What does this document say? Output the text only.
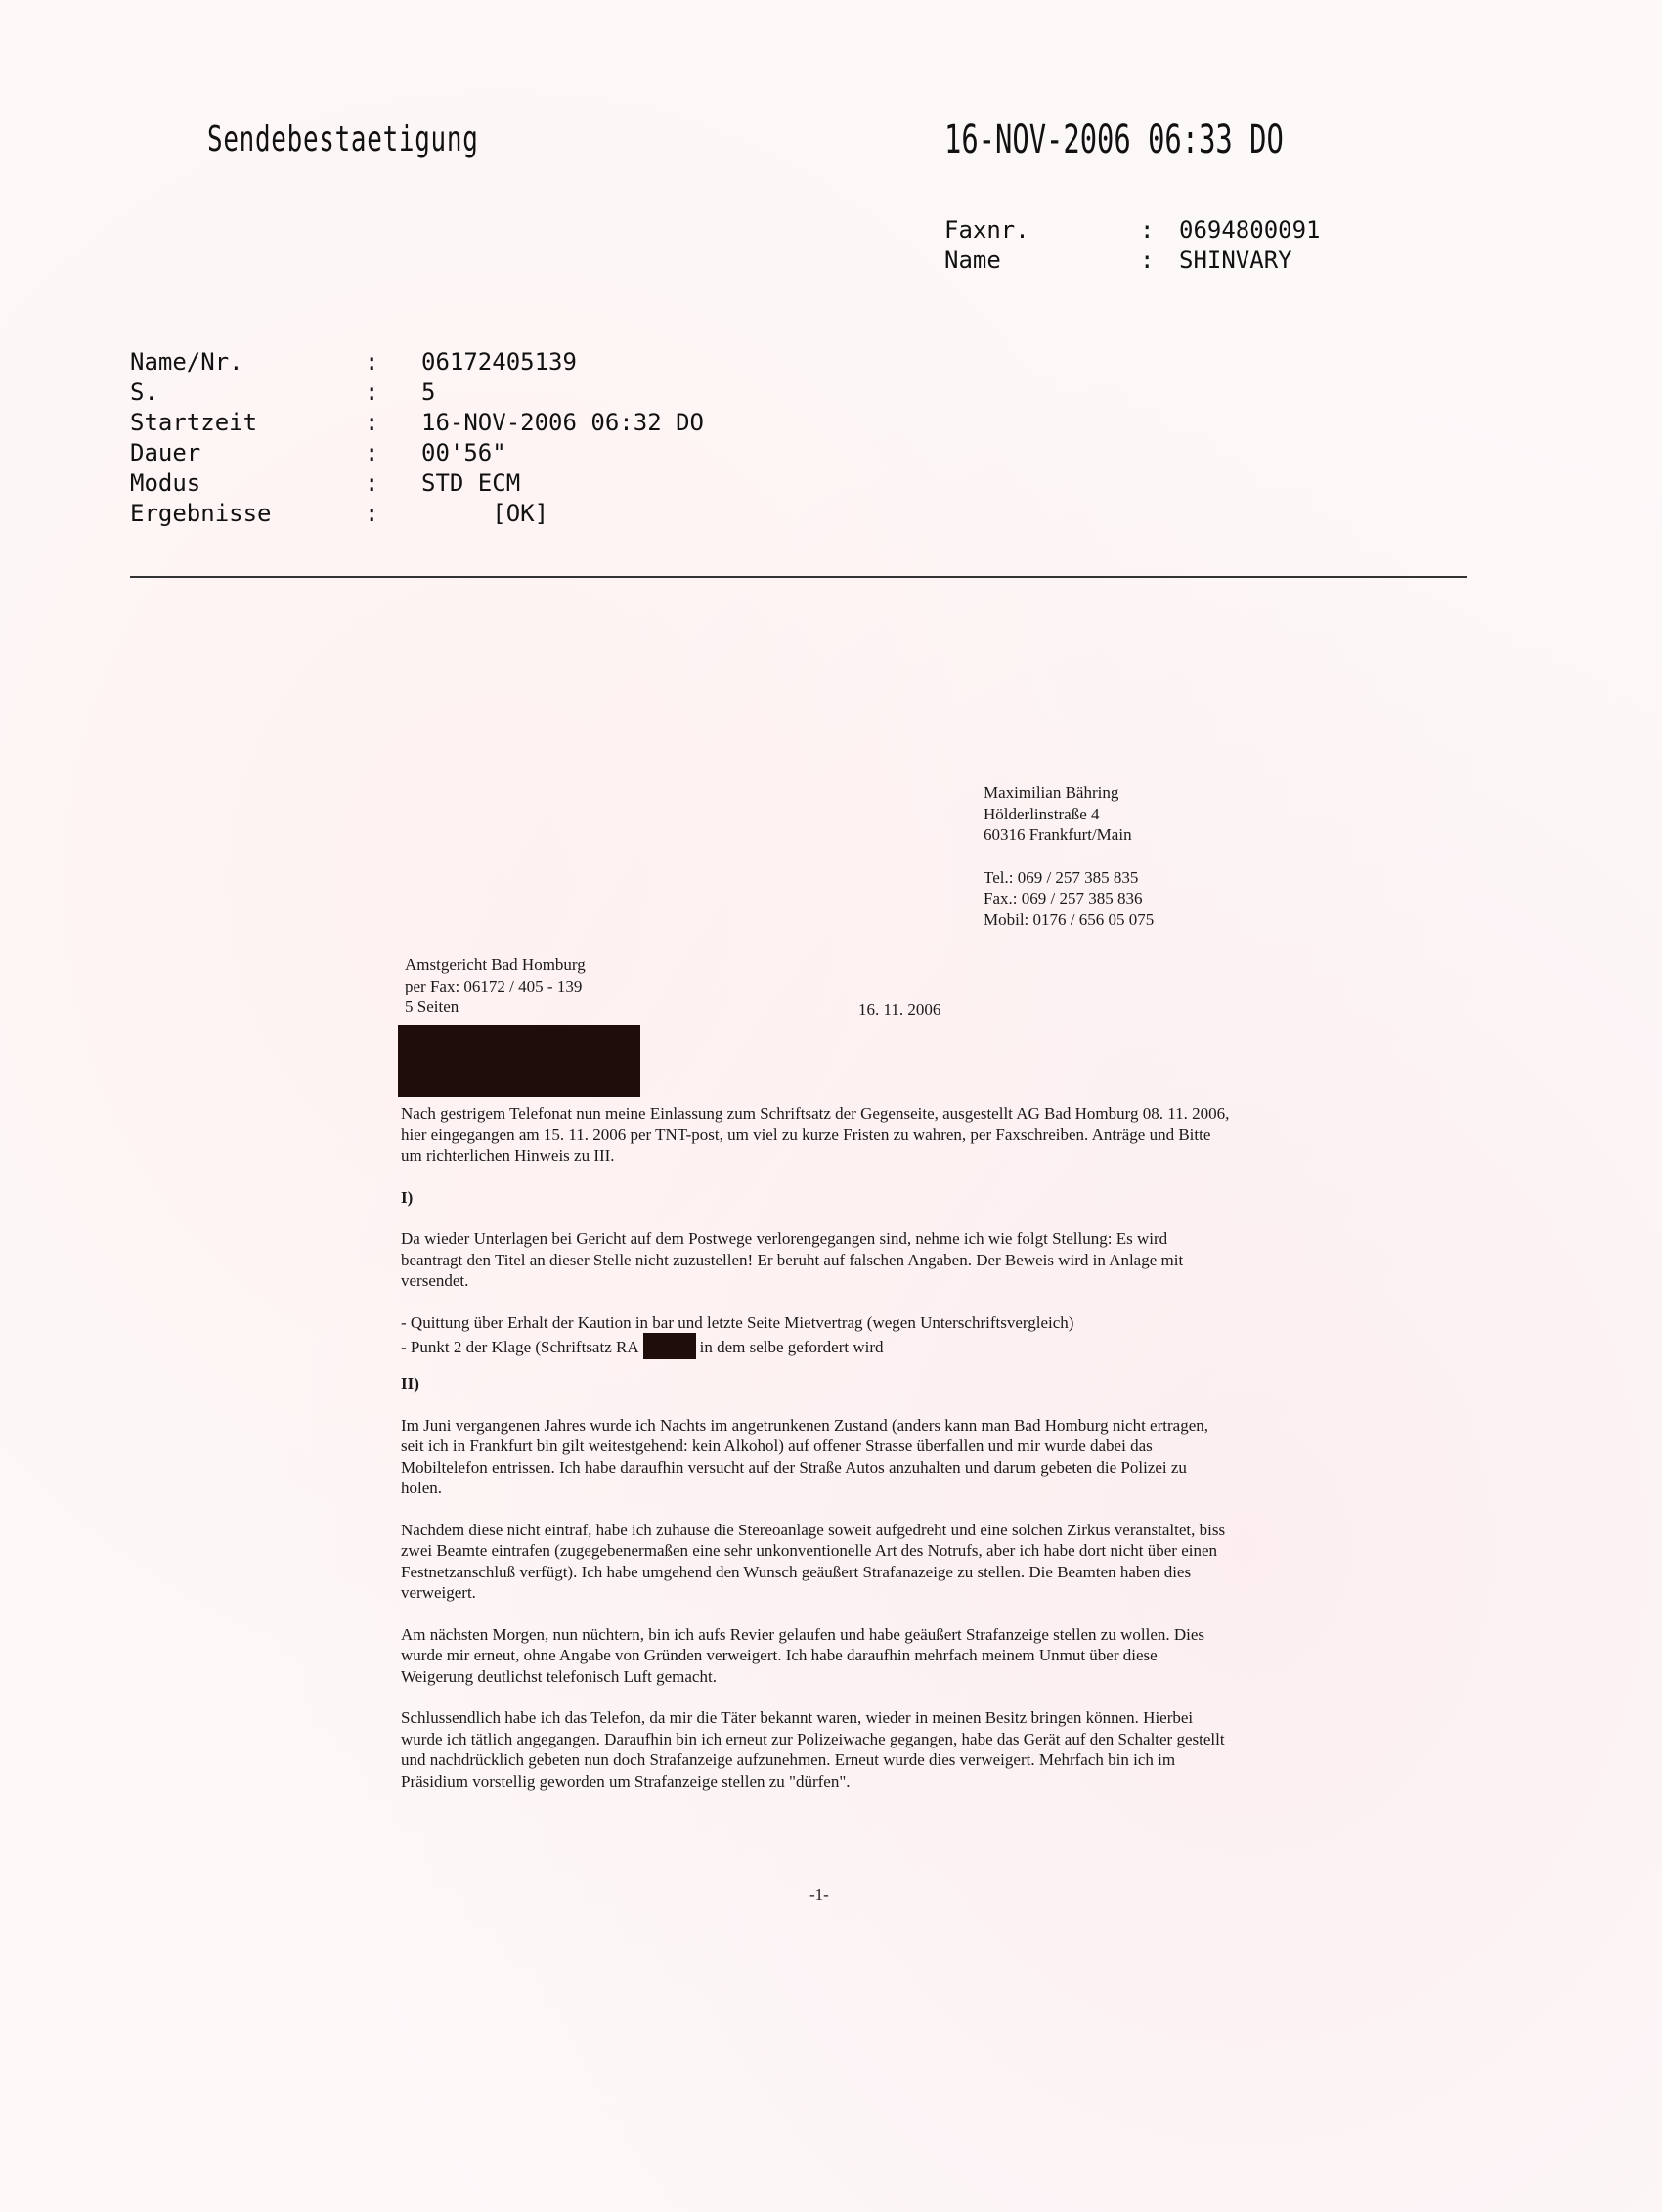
Sendebestaetigung	16-NOV-2006 06:33 DO
Faxnr.	: 0694800091
Name	: SHINVARY
Name/Nr.	: 06172405139
S.	: 5
Startzeit	: 16-NOV-2006 06:32 DO
Dauer	: 00'56"
Modus	: STD ECM
Ergebnisse	: [OK]
Maximilian Bähring
Hölderlinstraße 4
60316 Frankfurt/Main
Tel.: 069 / 257 385 835
Fax.: 069 / 257 385 836
Mobil: 0176 / 656 05 075
Amstgericht Bad Homburg
per Fax: 06172 / 405 - 139
5 Seiten	16. 11. 2006

Nach gestrigem Telefonat nun meine Einlassung zum Schriftsatz der Gegenseite, ausgestellt AG Bad Homburg 08. 11. 2006, hier eingegangen am 15. 11. 2006 per TNT-post, um viel zu kurze Fristen zu wahren, per Faxschreiben. Anträge und Bitte um richterlichen Hinweis zu III.

I)

Da wieder Unterlagen bei Gericht auf dem Postwege verlorengegangen sind, nehme ich wie folgt Stellung: Es wird beantragt den Titel an dieser Stelle nicht zuzustellen! Er beruht auf falschen Angaben. Der Beweis wird in Anlage mit versendet.

- Quittung über Erhalt der Kaution in bar und letzte Seite Mietvertrag (wegen Unterschriftsvergleich)

- Punkt 2 der Klage (Schriftsatz RA	in dem selbe gefordert wird

II)

Im Juni vergangenen Jahres wurde ich Nachts im angetrunkenen Zustand (anders kann man Bad Homburg nicht ertragen, seit ich in Frankfurt bin gilt weitestgehend: kein Alkohol) auf offener Strasse überfallen und mir wurde dabei das Mobiltelefon entrissen. Ich habe daraufhin versucht auf der Straße Autos anzuhalten und darum gebeten die Polizei zu holen.

Nachdem diese nicht eintraf, habe ich zuhause die Stereoanlage soweit aufgedreht und eine solchen Zirkus veranstaltet, biss zwei Beamte eintrafen (zugegebenermaßen eine sehr unkonventionelle Art des Notrufs, aber ich habe dort nicht über einen Festnetzanschluß verfügt). Ich habe umgehend den Wunsch geäußert Strafanazeige zu stellen. Die Beamten haben dies verweigert.

Am nächsten Morgen, nun nüchtern, bin ich aufs Revier gelaufen und habe geäußert Strafanzeige stellen zu wollen. Dies wurde mir erneut, ohne Angabe von Gründen verweigert. Ich habe daraufhin mehrfach meinem Unmut über diese Weigerung deutlichst telefonisch Luft gemacht.

Schlussendlich habe ich das Telefon, da mir die Täter bekannt waren, wieder in meinen Besitz bringen können. Hierbei wurde ich tätlich angegangen. Daraufhin bin ich erneut zur Polizeiwache gegangen, habe das Gerät auf den Schalter gestellt und nachdrücklich gebeten nun doch Strafanzeige aufzunehmen. Erneut wurde dies verweigert. Mehrfach bin ich im Präsidium vorstellig geworden um Strafanzeige stellen zu "dürfen".

-1-
